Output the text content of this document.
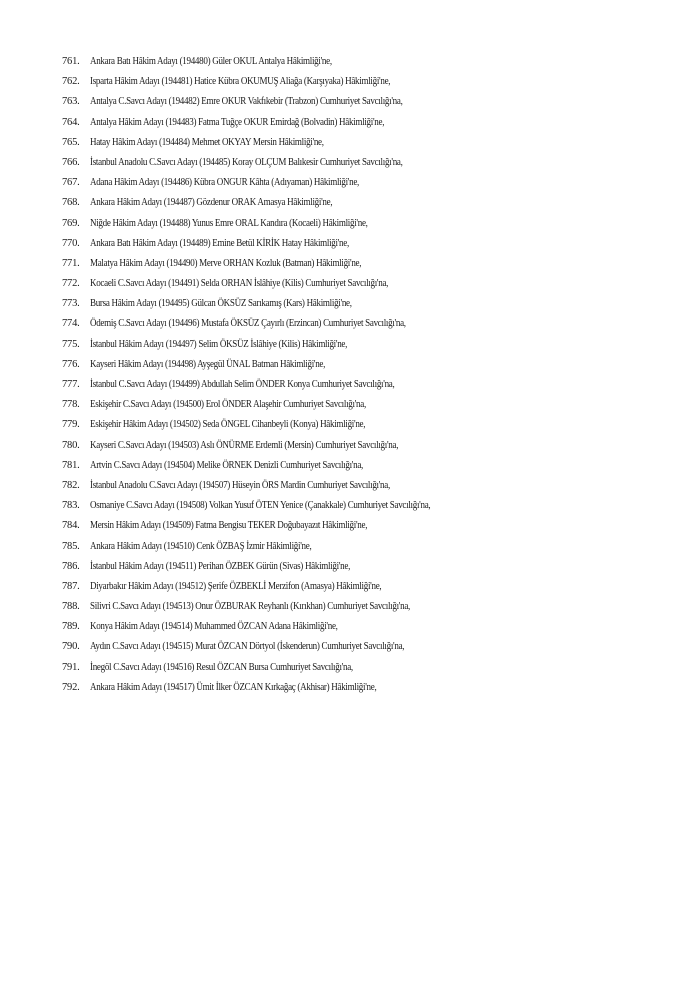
761. Ankara Batı Hâkim Adayı (194480) Güler OKUL Antalya Hâkimliği'ne,
762. Isparta Hâkim Adayı (194481) Hatice Kübra OKUMUŞ Aliağa (Karşıyaka) Hâkimliği'ne,
763. Antalya C.Savcı Adayı (194482) Emre OKUR Vakfıkebir (Trabzon) Cumhuriyet Savcılığı'na,
764. Antalya Hâkim Adayı (194483) Fatma Tuğçe OKUR Emirdağ (Bolvadin) Hâkimliği'ne,
765. Hatay Hâkim Adayı (194484) Mehmet OKYAY Mersin Hâkimliği'ne,
766. İstanbul Anadolu C.Savcı Adayı (194485) Koray OLÇUM Balıkesir Cumhuriyet Savcılığı'na,
767. Adana Hâkim Adayı (194486) Kübra ONGUR Kâhta (Adıyaman) Hâkimliği'ne,
768. Ankara Hâkim Adayı (194487) Gözdenur ORAK Amasya Hâkimliği'ne,
769. Niğde Hâkim Adayı (194488) Yunus Emre ORAL Kandıra (Kocaeli) Hâkimliği'ne,
770. Ankara Batı Hâkim Adayı (194489) Emine Betül KİRİK Hatay Hâkimliği'ne,
771. Malatya Hâkim Adayı (194490) Merve ORHAN Kozluk (Batman) Hâkimliği'ne,
772. Kocaeli C.Savcı Adayı (194491) Selda ORHAN İslâhiye (Kilis) Cumhuriyet Savcılığı'na,
773. Bursa Hâkim Adayı (194495) Gülcan ÖKSÜZ Sarıkamış (Kars) Hâkimliği'ne,
774. Ödemiş C.Savcı Adayı (194496) Mustafa ÖKSÜZ Çayırlı (Erzincan) Cumhuriyet Savcılığı'na,
775. İstanbul Hâkim Adayı (194497) Selim ÖKSÜZ İslâhiye (Kilis) Hâkimliği'ne,
776. Kayseri Hâkim Adayı (194498) Ayşegül ÜNAL Batman Hâkimliği'ne,
777. İstanbul C.Savcı Adayı (194499) Abdullah Selim ÖNDER Konya Cumhuriyet Savcılığı'na,
778. Eskişehir C.Savcı Adayı (194500) Erol ÖNDER Alaşehir Cumhuriyet Savcılığı'na,
779. Eskişehir Hâkim Adayı (194502) Seda ÖNGEL Cihanbeyli (Konya) Hâkimliği'ne,
780. Kayseri C.Savcı Adayı (194503) Aslı ÖNÜRME Erdemli (Mersin) Cumhuriyet Savcılığı'na,
781. Artvin C.Savcı Adayı (194504) Melike ÖRNEK Denizli Cumhuriyet Savcılığı'na,
782. İstanbul Anadolu C.Savcı Adayı (194507) Hüseyin ÖRS Mardin Cumhuriyet Savcılığı'na,
783. Osmaniye C.Savcı Adayı (194508) Volkan Yusuf ÖTEN Yenice (Çanakkale) Cumhuriyet Savcılığı'na,
784. Mersin Hâkim Adayı (194509) Fatma Bengisu TEKER Doğubayazıt Hâkimliği'ne,
785. Ankara Hâkim Adayı (194510) Cenk ÖZBAŞ İzmir Hâkimliği'ne,
786. İstanbul Hâkim Adayı (194511) Perihan ÖZBEK Gürün (Sivas) Hâkimliği'ne,
787. Diyarbakır Hâkim Adayı (194512) Şerife ÖZBEKLİ Merzifon (Amasya) Hâkimliği'ne,
788. Silivri C.Savcı Adayı (194513) Onur ÖZBURAK Reyhanlı (Kırıkhan) Cumhuriyet Savcılığı'na,
789. Konya Hâkim Adayı (194514) Muhammed ÖZCAN Adana Hâkimliği'ne,
790. Aydın C.Savcı Adayı (194515) Murat ÖZCAN Dörtyol (İskenderun) Cumhuriyet Savcılığı'na,
791. İnegöl C.Savcı Adayı (194516) Resul ÖZCAN Bursa Cumhuriyet Savcılığı'na,
792. Ankara Hâkim Adayı (194517) Ümit İlker ÖZCAN Kırkağaç (Akhisar) Hâkimliği'ne,
